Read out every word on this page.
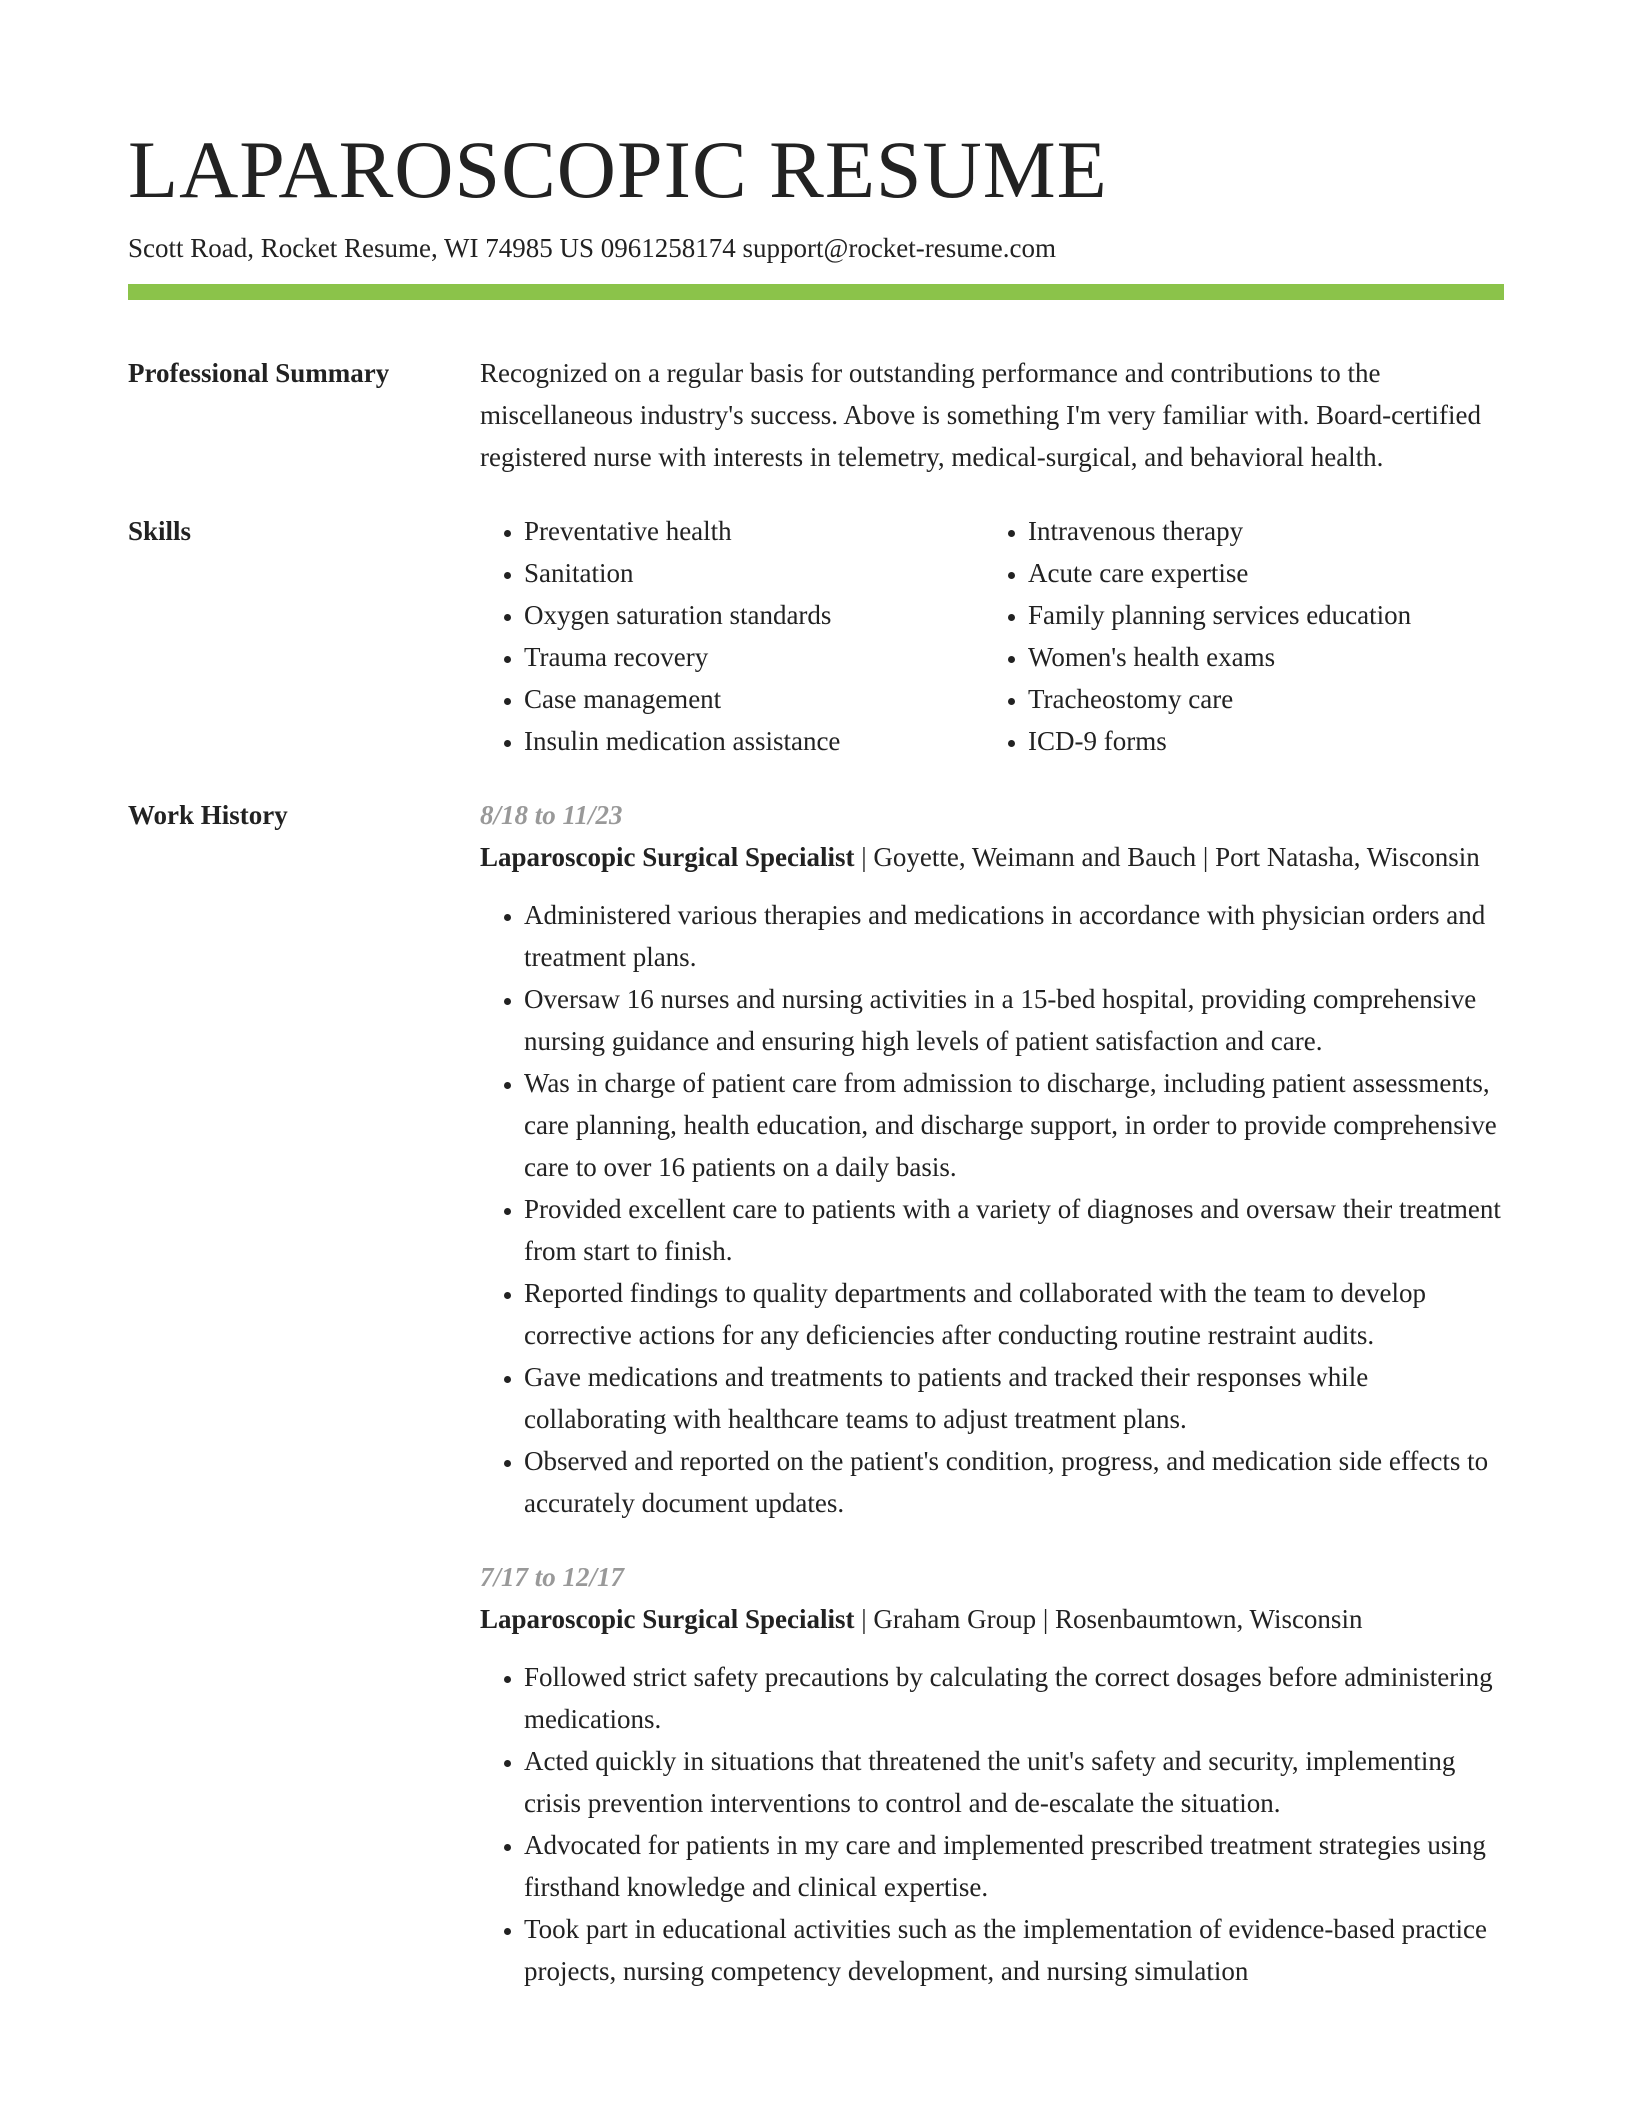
LAPAROSCOPIC RESUME
Scott Road, Rocket Resume, WI 74985 US 0961258174 support@rocket-resume.com
Professional Summary	Recognized on a regular basis for outstanding performance and contributions to the miscellaneous industry's success. Above is something I'm very familiar with. Board-certified registered nurse with interests in telemetry, medical-surgical, and behavioral health.

Skills
•	Preventative health
• Sanitation
• Oxygen saturation standards
• Trauma recovery
• Case management
• Insulin medication assistance
• Intravenous therapy
• Acute care expertise
• Family planning services education
• Women's health exams
• Tracheostomy care
• ICD-9 forms
Work History	8/18 to 11/23
Laparoscopic Surgical Specialist | Goyette, Weimann and Bauch | Port Natasha, Wisconsin
• Administered various therapies and medications in accordance with physician orders and treatment plans.
• Oversaw 16 nurses and nursing activities in a 15-bed hospital, providing comprehensive nursing guidance and ensuring high levels of patient satisfaction and care.
• Was in charge of patient care from admission to discharge, including patient assessments, care planning, health education, and discharge support, in order to provide comprehensive care to over 16 patients on a daily basis.
• Provided excellent care to patients with a variety of diagnoses and oversaw their treatment from start to finish.
• Reported findings to quality departments and collaborated with the team to develop corrective actions for any deficiencies after conducting routine restraint audits.
• Gave medications and treatments to patients and tracked their responses while collaborating with healthcare teams to adjust treatment plans.
• Observed and reported on the patient's condition, progress, and medication side effects to accurately document updates.
7/17 to 12/17
Laparoscopic Surgical Specialist | Graham Group | Rosenbaumtown, Wisconsin
• Followed strict safety precautions by calculating the correct dosages before administering medications.
• Acted quickly in situations that threatened the unit's safety and security, implementing crisis prevention interventions to control and de-escalate the situation.
• Advocated for patients in my care and implemented prescribed treatment strategies using firsthand knowledge and clinical expertise.
• Took part in educational activities such as the implementation of evidence-based practice projects, nursing competency development, and nursing simulation
